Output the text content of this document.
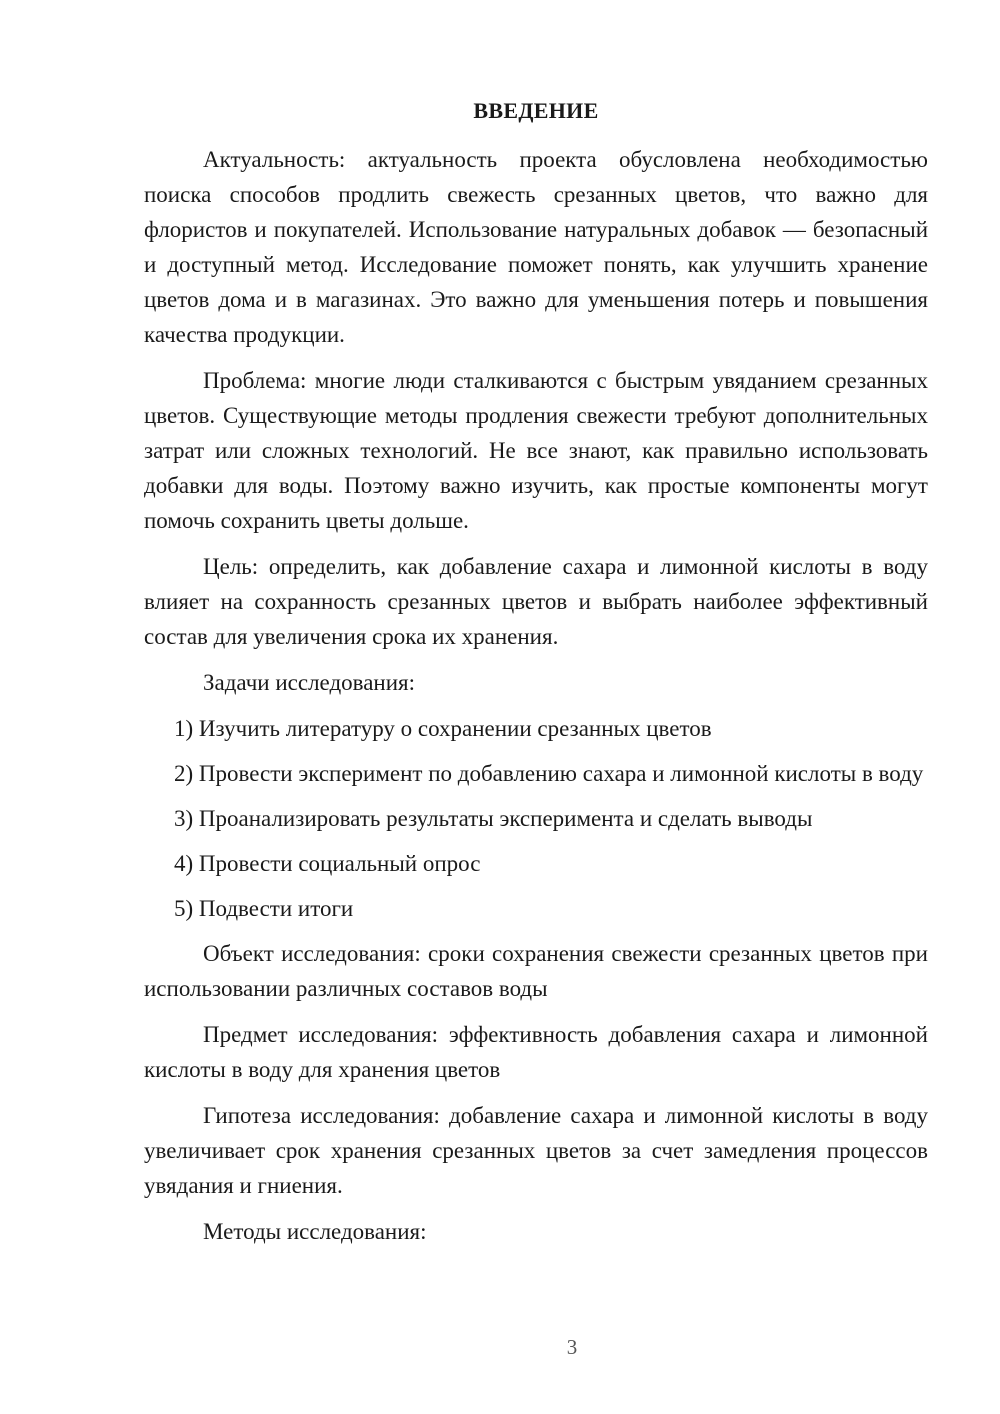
ВВЕДЕНИЕ

Актуальность: актуальность проекта обусловлена необходимостью поиска способов продлить свежесть срезанных цветов, что важно для флористов и покупателей. Использование натуральных добавок — безопасный и доступный метод. Исследование поможет понять, как улучшить хранение цветов дома и в магазинах. Это важно для уменьшения потерь и повышения качества продукции.

Проблема: многие люди сталкиваются с быстрым увяданием срезанных цветов. Существующие методы продления свежести требуют дополнительных затрат или сложных технологий. Не все знают, как правильно использовать добавки для воды. Поэтому важно изучить, как простые компоненты могут помочь сохранить цветы дольше.

Цель: определить, как добавление сахара и лимонной кислоты в воду влияет на сохранность срезанных цветов и выбрать наиболее эффективный состав для увеличения срока их хранения.

Задачи исследования:

1) Изучить литературу о сохранении срезанных цветов

2) Провести эксперимент по добавлению сахара и лимонной кислоты в воду

3) Проанализировать результаты эксперимента и сделать выводы

4) Провести социальный опрос

5) Подвести итоги

Объект исследования: сроки сохранения свежести срезанных цветов при использовании различных составов воды

Предмет исследования: эффективность добавления сахара и лимонной кислоты в воду для хранения цветов

Гипотеза исследования: добавление сахара и лимонной кислоты в воду увеличивает срок хранения срезанных цветов за счет замедления процессов увядания и гниения.

Методы исследования:

3
